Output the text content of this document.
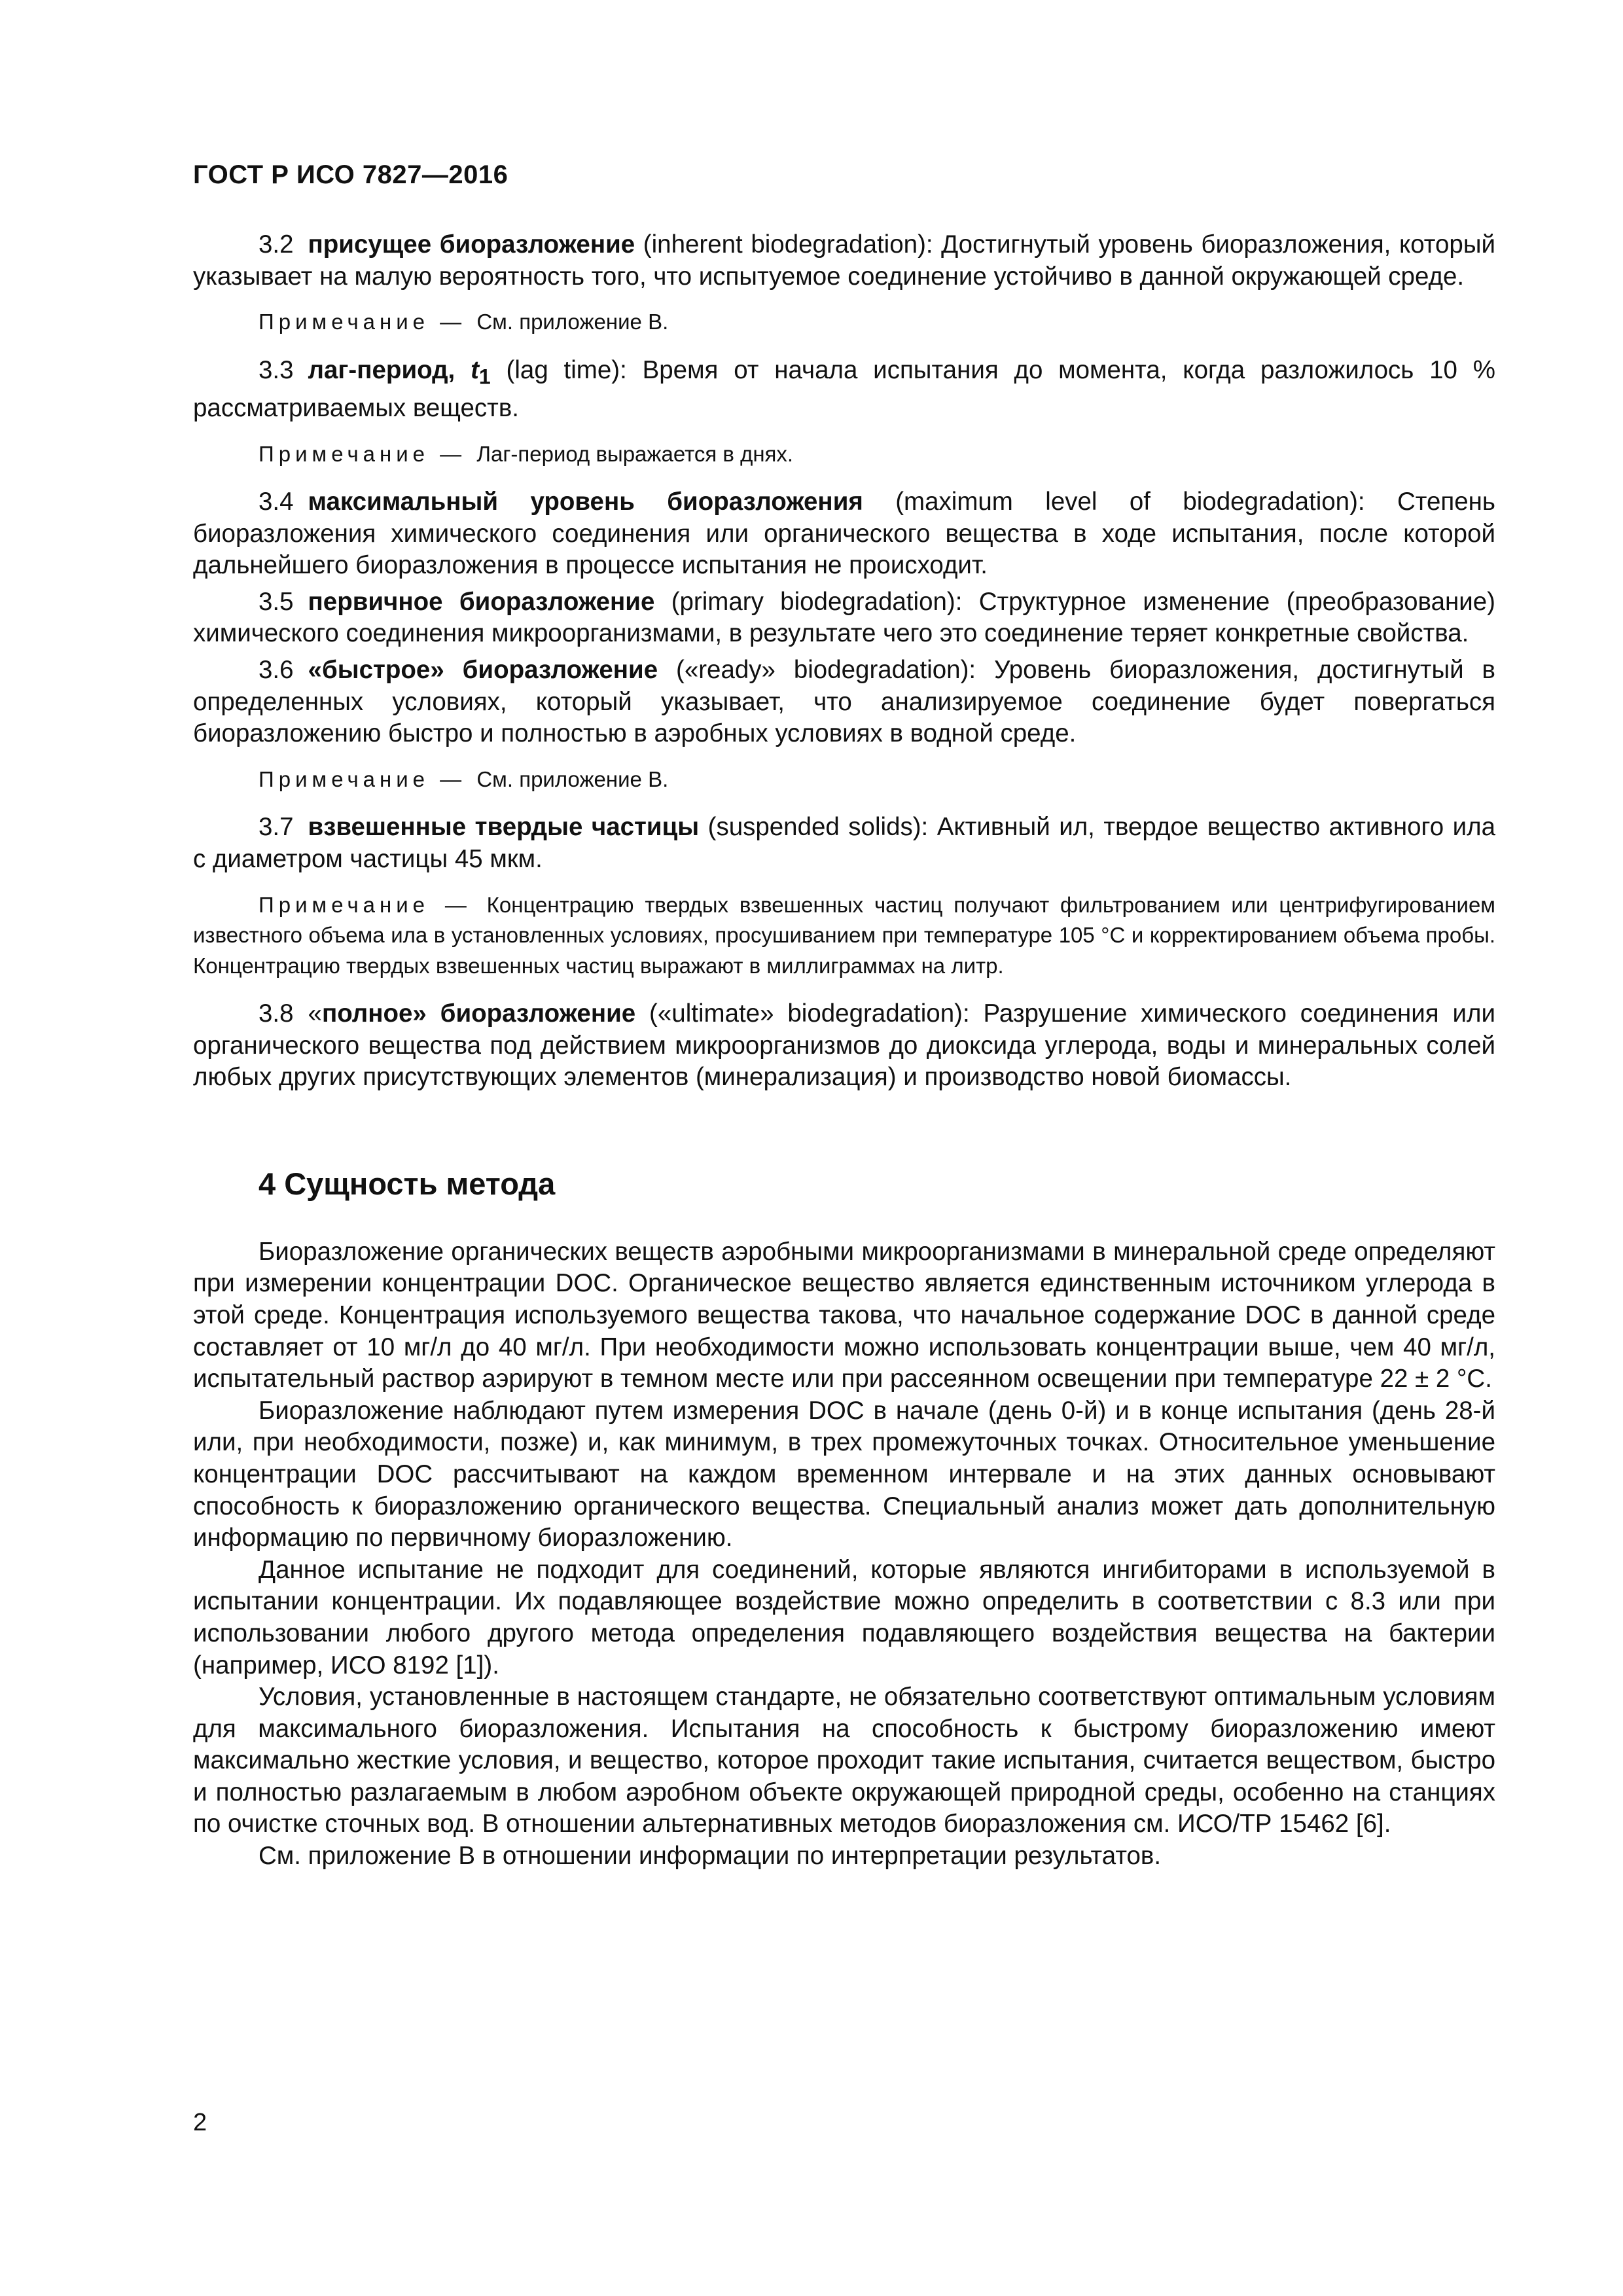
ГОСТ Р ИСО 7827—2016

3.2 присущее биоразложение (inherent biodegradation): Достигнутый уровень биоразложения, который указывает на малую вероятность того, что испытуемое соединение устойчиво в данной окружающей среде.

Примечание — См. приложение В.

3.3 лаг-период, $t_1$ (lag time): Время от начала испытания до момента, когда разложилось 10 % рассматриваемых веществ.

Примечание — Лаг-период выражается в днях.

3.4 максимальный уровень биоразложения (maximum level of biodegradation): Степень биоразложения химического соединения или органического вещества в ходе испытания, после которой дальнейшего биоразложения в процессе испытания не происходит.

3.5 первичное биоразложение (primary biodegradation): Структурное изменение (преобразование) химического соединения микроорганизмами, в результате чего это соединение теряет конкретные свойства.

3.6 «быстрое» биоразложение («ready» biodegradation): Уровень биоразложения, достигнутый в определенных условиях, который указывает, что анализируемое соединение будет повергаться биоразложению быстро и полностью в аэробных условиях в водной среде.

Примечание — См. приложение В.

3.7 взвешенные твердые частицы (suspended solids): Активный ил, твердое вещество активного ила с диаметром частицы 45 мкм.

Примечание — Концентрацию твердых взвешенных частиц получают фильтрованием или центрифугированием известного объема ила в установленных условиях, просушиванием при температуре 105 °С и корректированием объема пробы. Концентрацию твердых взвешенных частиц выражают в миллиграммах на литр.

3.8 «полное» биоразложение («ultimate» biodegradation): Разрушение химического соединения или органического вещества под действием микроорганизмов до диоксида углерода, воды и минеральных солей любых других присутствующих элементов (минерализация) и производство новой биомассы.

4 Сущность метода

Биоразложение органических веществ аэробными микроорганизмами в минеральной среде определяют при измерении концентрации DOC. Органическое вещество является единственным источником углерода в этой среде. Концентрация используемого вещества такова, что начальное содержание DOC в данной среде составляет от 10 мг/л до 40 мг/л. При необходимости можно использовать концентрации выше, чем 40 мг/л, испытательный раствор аэрируют в темном месте или при рассеянном освещении при температуре 22 ± 2 °С.

Биоразложение наблюдают путем измерения DOC в начале (день 0-й) и в конце испытания (день 28-й или, при необходимости, позже) и, как минимум, в трех промежуточных точках. Относительное уменьшение концентрации DOC рассчитывают на каждом временном интервале и на этих данных основывают способность к биоразложению органического вещества. Специальный анализ может дать дополнительную информацию по первичному биоразложению.

Данное испытание не подходит для соединений, которые являются ингибиторами в используемой в испытании концентрации. Их подавляющее воздействие можно определить в соответствии с 8.3 или при использовании любого другого метода определения подавляющего воздействия вещества на бактерии (например, ИСО 8192 [1]).

Условия, установленные в настоящем стандарте, не обязательно соответствуют оптимальным условиям для максимального биоразложения. Испытания на способность к быстрому биоразложению имеют максимально жесткие условия, и вещество, которое проходит такие испытания, считается веществом, быстро и полностью разлагаемым в любом аэробном объекте окружающей природной среды, особенно на станциях по очистке сточных вод. В отношении альтернативных методов биоразложения см. ИСО/ТР 15462 [6].

См. приложение В в отношении информации по интерпретации результатов.

2
